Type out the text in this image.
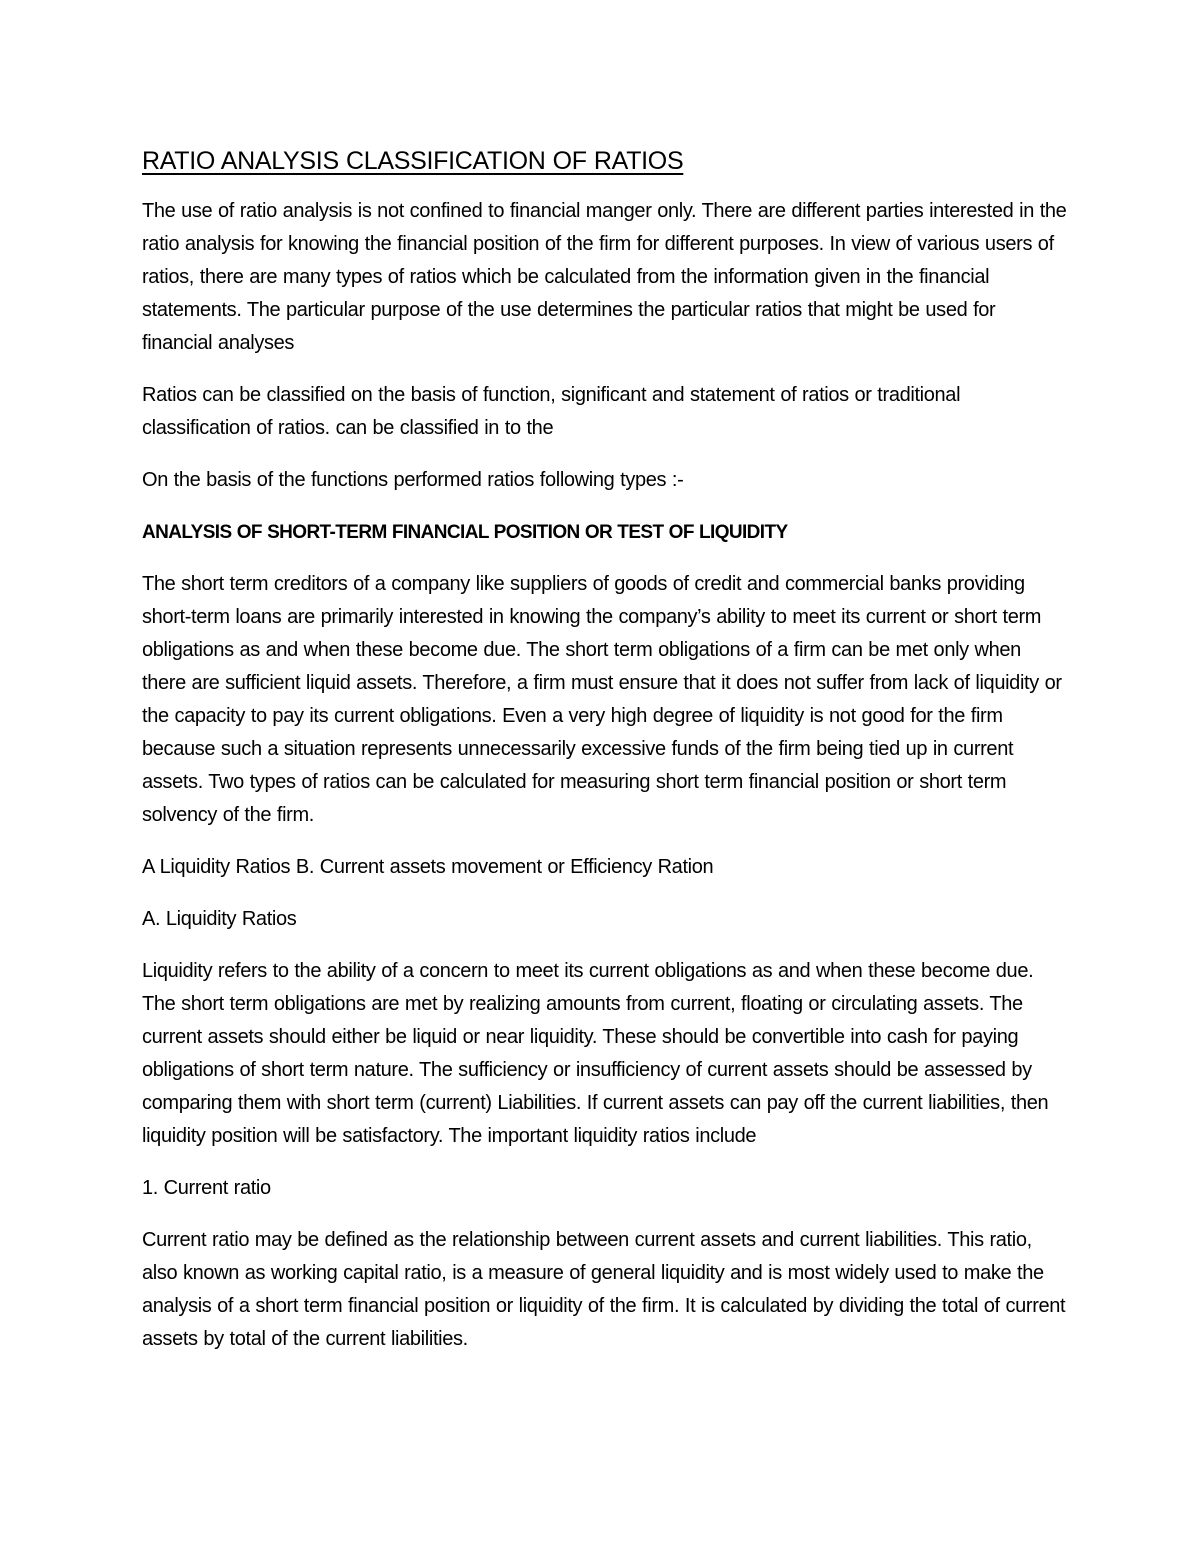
RATIO ANALYSIS CLASSIFICATION OF RATIOS

The use of ratio analysis is not confined to financial manger only. There are different parties interested in the ratio analysis for knowing the financial position of the firm for different purposes. In view of various users of ratios, there are many types of ratios which be calculated from the information given in the financial statements. The particular purpose of the use determines the particular ratios that might be used for financial analyses

Ratios can be classified on the basis of function, significant and statement of ratios or traditional classification of ratios. can be classified in to the

On the basis of the functions performed ratios following types :-

ANALYSIS OF SHORT-TERM FINANCIAL POSITION OR TEST OF LIQUIDITY

The short term creditors of a company like suppliers of goods of credit and commercial banks providing short-term loans are primarily interested in knowing the company’s ability to meet its current or short term obligations as and when these become due. The short term obligations of a firm can be met only when there are sufficient liquid assets. Therefore, a firm must ensure that it does not suffer from lack of liquidity or the capacity to pay its current obligations. Even a very high degree of liquidity is not good for the firm because such a situation represents unnecessarily excessive funds of the firm being tied up in current assets. Two types of ratios can be calculated for measuring short term financial position or short term solvency of the firm.

A Liquidity Ratios B. Current assets movement or Efficiency Ration

A. Liquidity Ratios

Liquidity refers to the ability of a concern to meet its current obligations as and when these become due. The short term obligations are met by realizing amounts from current, floating or circulating assets. The current assets should either be liquid or near liquidity. These should be convertible into cash for paying obligations of short term nature. The sufficiency or insufficiency of current assets should be assessed by comparing them with short term (current) Liabilities. If current assets can pay off the current liabilities, then liquidity position will be satisfactory. The important liquidity ratios include

1. Current ratio

Current ratio may be defined as the relationship between current assets and current liabilities. This ratio, also known as working capital ratio, is a measure of general liquidity and is most widely used to make the analysis of a short term financial position or liquidity of the firm. It is calculated by dividing the total of current assets by total of the current liabilities.
